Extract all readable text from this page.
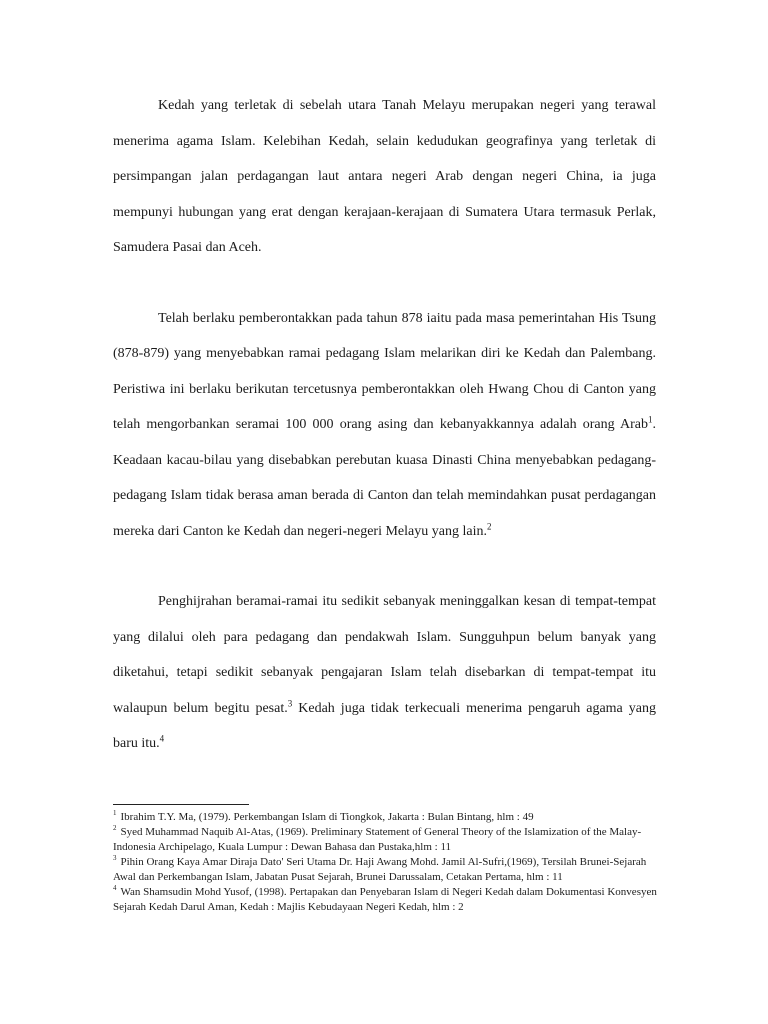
Kedah yang terletak di sebelah utara Tanah Melayu merupakan negeri yang terawal menerima agama Islam. Kelebihan Kedah, selain kedudukan geografinya yang terletak di persimpangan jalan perdagangan laut antara negeri Arab dengan negeri China, ia juga mempunyi hubungan yang erat dengan kerajaan-kerajaan di Sumatera Utara termasuk Perlak, Samudera Pasai dan Aceh.

Telah berlaku pemberontakkan pada tahun 878 iaitu pada masa pemerintahan His Tsung (878-879) yang menyebabkan ramai pedagang Islam melarikan diri ke Kedah dan Palembang. Peristiwa ini berlaku berikutan tercetusnya pemberontakkan oleh Hwang Chou di Canton yang telah mengorbankan seramai 100 000 orang asing dan kebanyakkannya adalah orang Arab$^1$. Keadaan kacau-bilau yang disebabkan perebutan kuasa Dinasti China menyebabkan pedagang-pedagang Islam tidak berasa aman berada di Canton dan telah memindahkan pusat perdagangan mereka dari Canton ke Kedah dan negeri-negeri Melayu yang lain.$^2$

Penghijrahan beramai-ramai itu sedikit sebanyak meninggalkan kesan di tempat-tempat yang dilalui oleh para pedagang dan pendakwah Islam. Sungguhpun belum banyak yang diketahui, tetapi sedikit sebanyak pengajaran Islam telah disebarkan di tempat-tempat itu walaupun belum begitu pesat.$^3$ Kedah juga tidak terkecuali menerima pengaruh agama yang baru itu.$^4$

$^1$ Ibrahim T.Y. Ma, (1979). Perkembangan Islam di Tiongkok, Jakarta : Bulan Bintang, hlm : 49

$^2$ Syed Muhammad Naquib Al-Atas, (1969). Preliminary Statement of General Theory of the Islamization of the Malay-Indonesia Archipelago, Kuala Lumpur : Dewan Bahasa dan Pustaka,hlm : 11

$^3$ Pihin Orang Kaya Amar Diraja Dato' Seri Utama Dr. Haji Awang Mohd. Jamil Al-Sufri,(1969), Tersilah Brunei-Sejarah Awal dan Perkembangan Islam, Jabatan Pusat Sejarah, Brunei Darussalam, Cetakan Pertama, hlm : 11

$^4$ Wan Shamsudin Mohd Yusof, (1998). Pertapakan dan Penyebaran Islam di Negeri Kedah dalam Dokumentasi Konvesyen Sejarah Kedah Darul Aman, Kedah : Majlis Kebudayaan Negeri Kedah, hlm : 2
